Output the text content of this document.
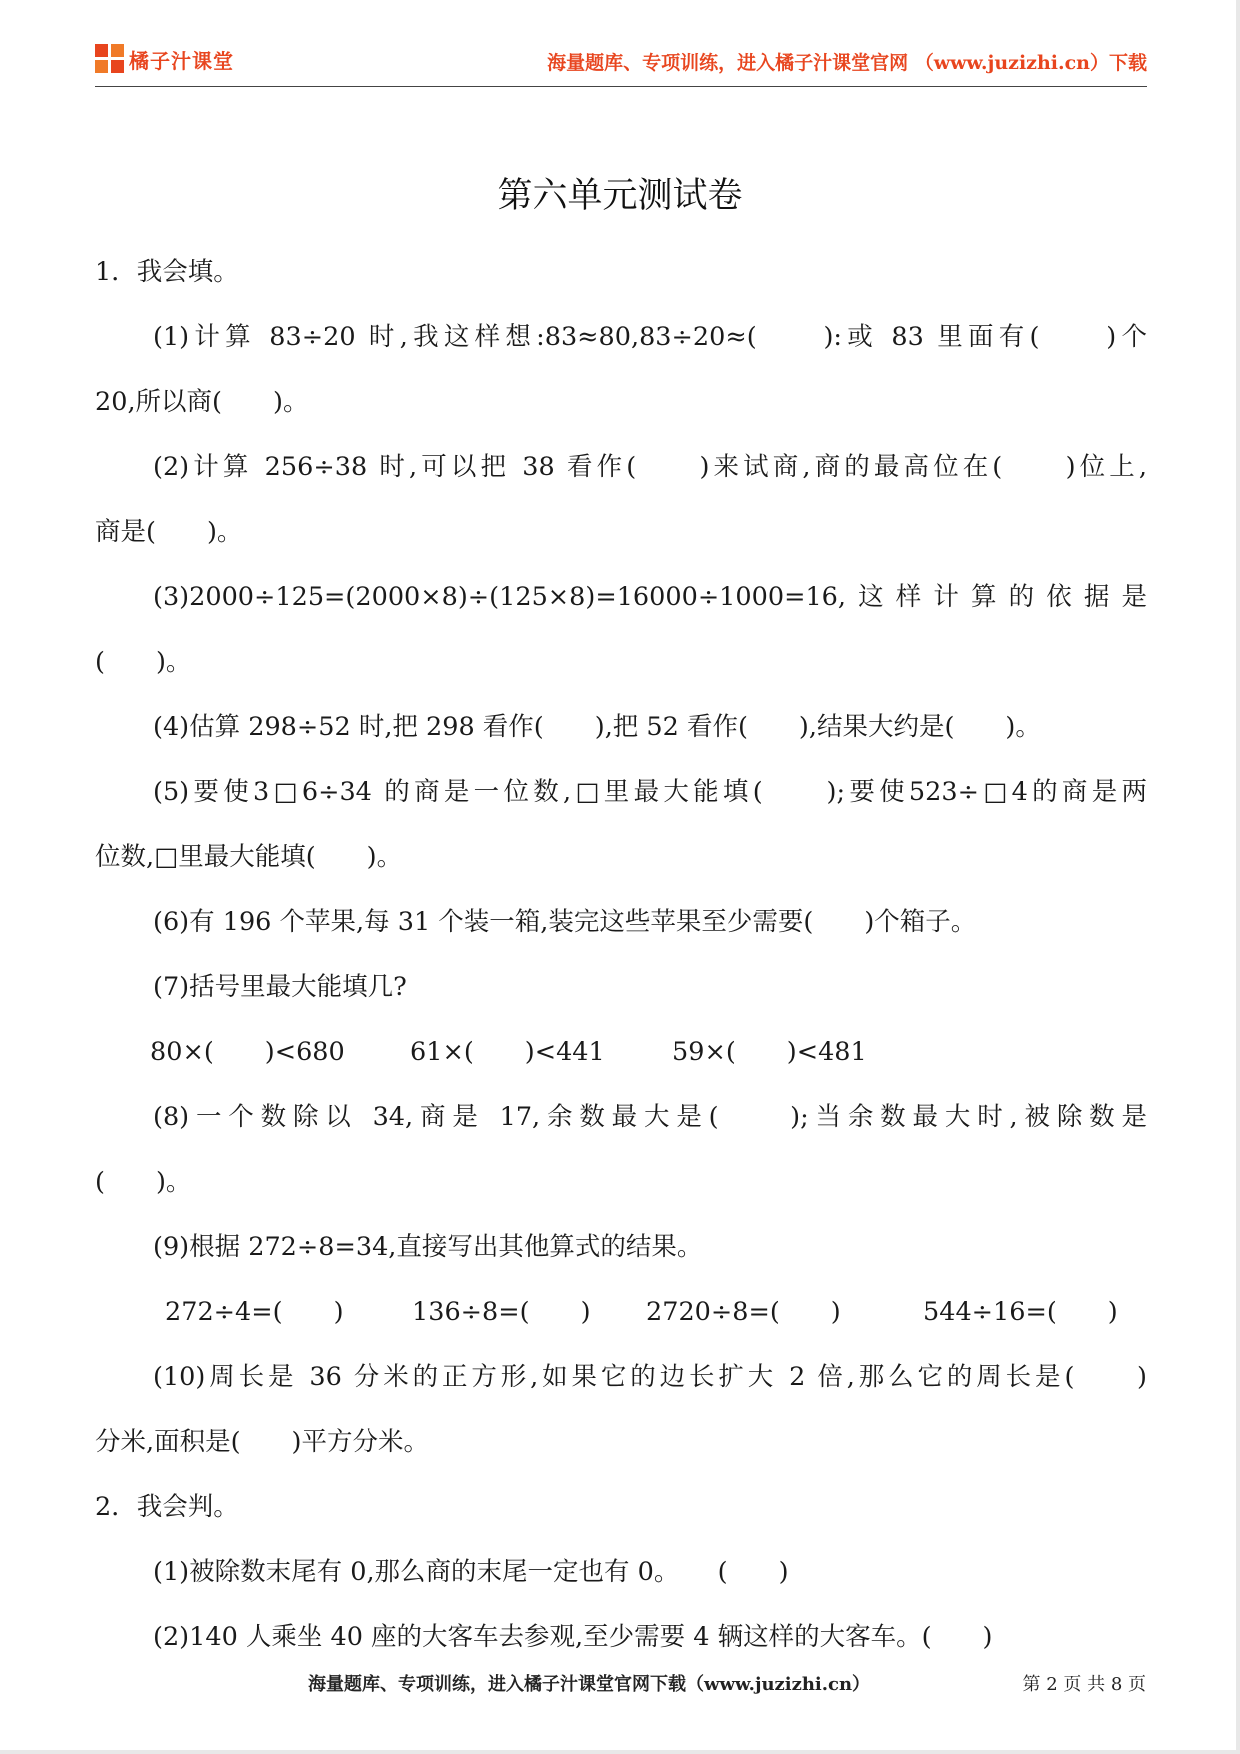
橘子汁课堂	海量题库、专项训练，进入橘子汁课堂官网 （www.juzizhi.cn）下载
第六单元测试卷
1．我会填。
(1)计算 83÷20 时,我这样想:83≈80,83÷20≈(　　):或 83 里面有(　　)个
20,所以商(　　)。
(2)计算 256÷38 时,可以把 38 看作(　　)来试商,商的最高位在(　　)位上,
商是(　　)。
(3)2000÷125=(2000×8)÷(125×8)=16000÷1000=16,这样计算的依据是
(　　)。
(4)估算 298÷52 时,把 298 看作(　　),把 52 看作(　　),结果大约是(　　)。
(5)要使3□6÷34 的商是一位数,□里最大能填(　　);要使523÷□4的商是两
位数,□里最大能填(　　)。
(6)有 196 个苹果,每 31 个装一箱,装完这些苹果至少需要(　　)个箱子。
(7)括号里最大能填几?
80×(　　)<680	61×(　　)<441	59×(　　)<481
(8)一个数除以 34,商是 17,余数最大是(　　);当余数最大时,被除数是
(　　)。
(9)根据 272÷8=34,直接写出其他算式的结果。
272÷4=(　　)	136÷8=(　　)	2720÷8=(　　)	544÷16=(　　)
(10)周长是 36 分米的正方形,如果它的边长扩大 2 倍,那么它的周长是(　　)
分米,面积是(　　)平方分米。
2．我会判。
(1)被除数末尾有 0,那么商的末尾一定也有 0。　　(　　)
(2)140 人乘坐 40 座的大客车去参观,至少需要 4 辆这样的大客车。(　　)
海量题库、专项训练，进入橘子汁课堂官网下载（www.juzizhi.cn）	第 2 页 共 8 页
